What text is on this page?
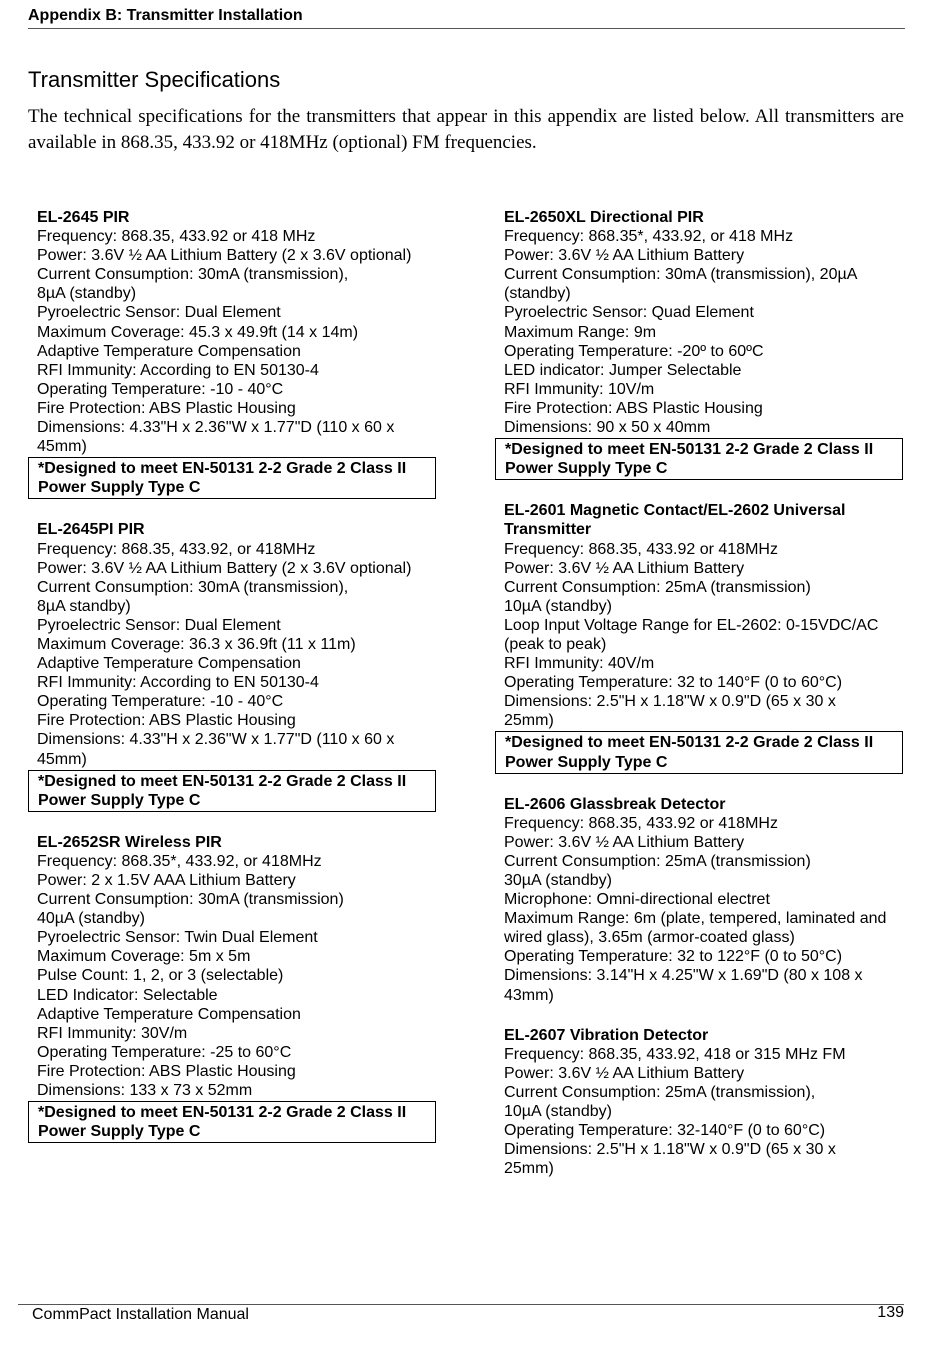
Appendix B: Transmitter Installation
Transmitter Specifications

The technical specifications for the transmitters that appear in this appendix are listed below. All transmitters are available in 868.35, 433.92 or 418MHz (optional) FM frequencies.

EL-2645 PIR
Frequency: 868.35, 433.92 or 418 MHz
Power: 3.6V ½ AA Lithium Battery (2 x 3.6V optional)
Current Consumption: 30mA (transmission),
8µA (standby)
Pyroelectric Sensor: Dual Element
Maximum Coverage: 45.3 x 49.9ft (14 x 14m)
Adaptive Temperature Compensation
RFI Immunity: According to EN 50130-4
Operating Temperature: -10 - 40°C
Fire Protection: ABS Plastic Housing
Dimensions: 4.33"H x 2.36"W x 1.77"D (110 x 60 x
45mm)
*Designed to meet EN-50131 2-2 Grade 2 Class II
Power Supply Type C
EL-2645PI PIR
Frequency: 868.35, 433.92, or 418MHz
Power: 3.6V ½ AA Lithium Battery (2 x 3.6V optional)
Current Consumption: 30mA (transmission),
8µA standby)
Pyroelectric Sensor: Dual Element
Maximum Coverage: 36.3 x 36.9ft (11 x 11m)
Adaptive Temperature Compensation
RFI Immunity: According to EN 50130-4
Operating Temperature: -10 - 40°C
Fire Protection: ABS Plastic Housing
Dimensions: 4.33"H x 2.36"W x 1.77"D (110 x 60 x
45mm)
*Designed to meet EN-50131 2-2 Grade 2 Class II
Power Supply Type C
EL-2652SR Wireless PIR
Frequency: 868.35*, 433.92, or 418MHz
Power: 2 x 1.5V AAA Lithium Battery
Current Consumption: 30mA (transmission)
40µA (standby)
Pyroelectric Sensor: Twin Dual Element
Maximum Coverage: 5m x 5m
Pulse Count: 1, 2, or 3 (selectable)
LED Indicator: Selectable
Adaptive Temperature Compensation
RFI Immunity: 30V/m
Operating Temperature: -25 to 60°C
Fire Protection: ABS Plastic Housing
Dimensions: 133 x 73 x 52mm
*Designed to meet EN-50131 2-2 Grade 2 Class II
Power Supply Type C
EL-2650XL Directional PIR
Frequency: 868.35*, 433.92, or 418 MHz
Power: 3.6V ½ AA Lithium Battery
Current Consumption: 30mA (transmission), 20µA
(standby)
Pyroelectric Sensor: Quad Element
Maximum Range: 9m
Operating Temperature: -20º to 60ºC
LED indicator: Jumper Selectable
RFI Immunity: 10V/m
Fire Protection: ABS Plastic Housing
Dimensions: 90 x 50 x 40mm
*Designed to meet EN-50131 2-2 Grade 2 Class II
Power Supply Type C
EL-2601 Magnetic Contact/EL-2602 Universal Transmitter
Frequency: 868.35, 433.92 or 418MHz
Power: 3.6V ½ AA Lithium Battery
Current Consumption: 25mA (transmission)
10µA (standby)
Loop Input Voltage Range for EL-2602: 0-15VDC/AC
(peak to peak)
RFI Immunity: 40V/m
Operating Temperature: 32 to 140°F (0 to 60°C)
Dimensions: 2.5"H x 1.18"W x 0.9"D (65 x 30 x
25mm)
*Designed to meet EN-50131 2-2 Grade 2 Class II
Power Supply Type C
EL-2606 Glassbreak Detector
Frequency: 868.35, 433.92 or 418MHz
Power: 3.6V ½ AA Lithium Battery
Current Consumption: 25mA (transmission)
30µA (standby)
Microphone: Omni-directional electret
Maximum Range: 6m (plate, tempered, laminated and
wired glass), 3.65m (armor-coated glass)
Operating Temperature: 32 to 122°F (0 to 50°C)
Dimensions: 3.14"H x 4.25"W x 1.69"D (80 x 108 x
43mm)
EL-2607 Vibration Detector
Frequency: 868.35, 433.92, 418 or 315 MHz FM
Power: 3.6V ½ AA Lithium Battery
Current Consumption: 25mA (transmission),
10µA (standby)
Operating Temperature: 32-140°F (0 to 60°C)
Dimensions: 2.5"H x 1.18"W x 0.9"D (65 x 30 x
25mm)
CommPact Installation Manual	139
